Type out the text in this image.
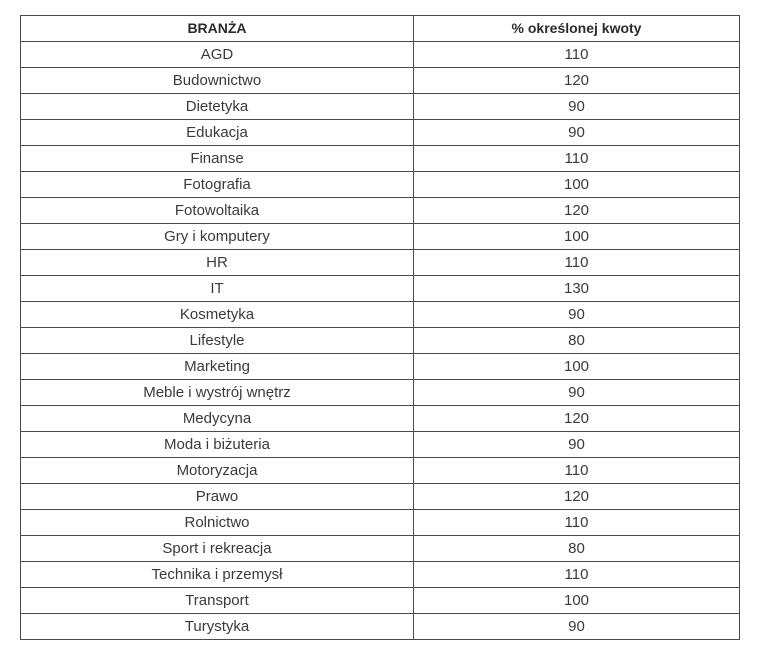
BRANŻA	% określonej kwoty
AGD	110
Budownictwo	120
Dietetyka	90
Edukacja	90
Finanse	110
Fotografia	100
Fotowoltaika	120
Gry i komputery	100
HR	110
IT	130
Kosmetyka	90
Lifestyle	80
Marketing	100
Meble i wystrój wnętrz	90
Medycyna	120
Moda i biżuteria	90
Motoryzacja	110
Prawo	120
Rolnictwo	110
Sport i rekreacja	80
Technika i przemysł	110
Transport	100
Turystyka	90
